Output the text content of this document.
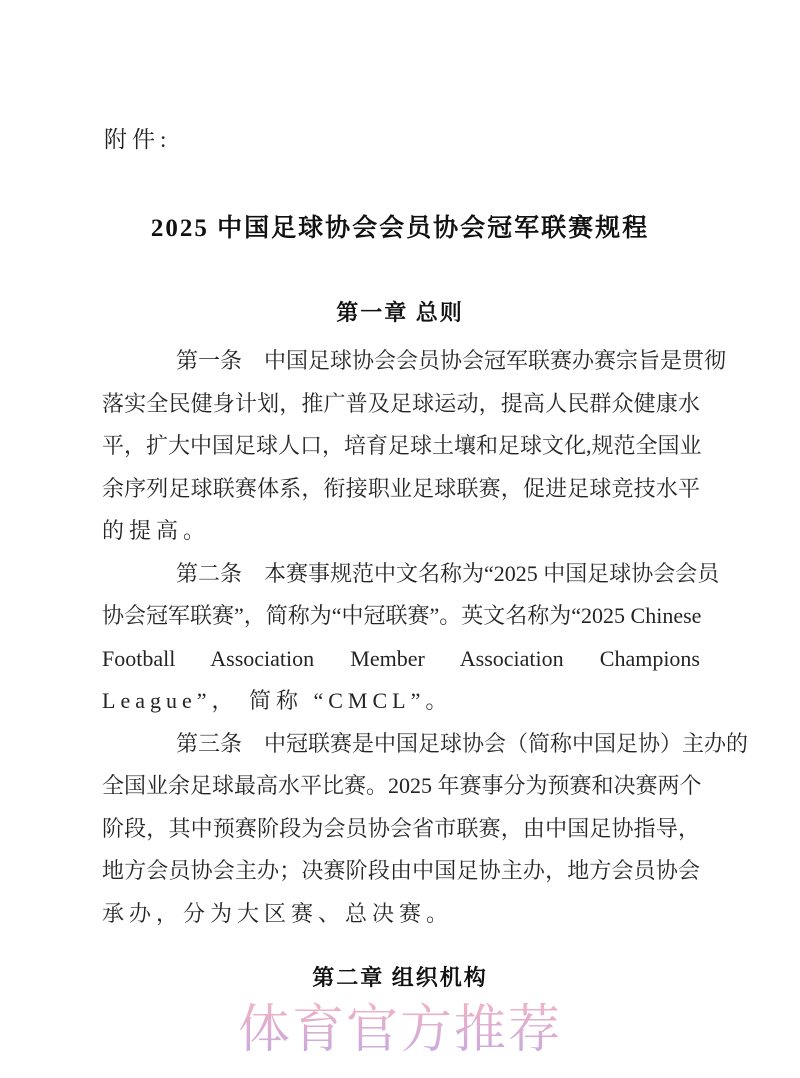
附件:
2025 中国足球协会会员协会冠军联赛规程
第一章 总则
第一条　中国足球协会会员协会冠军联赛办赛宗旨是贯彻
落实全民健身计划，推广普及足球运动，提高人民群众健康水
平，扩大中国足球人口，培育足球土壤和足球文化,规范全国业
余序列足球联赛体系，衔接职业足球联赛，促进足球竞技水平
的提高。
第二条　本赛事规范中文名称为“2025 中国足球协会会员
协会冠军联赛”，简称为“中冠联赛”。英文名称为“2025 Chinese
Football Association Member Association Champions
League”， 简称 “CMCL”。
第三条　中冠联赛是中国足球协会（简称中国足协）主办的
全国业余足球最高水平比赛。2025 年赛事分为预赛和决赛两个
阶段，其中预赛阶段为会员协会省市联赛，由中国足协指导，
地方会员协会主办；决赛阶段由中国足协主办，地方会员协会
承办，分为大区赛、总决赛。
第二章 组织机构
体育官方推荐
